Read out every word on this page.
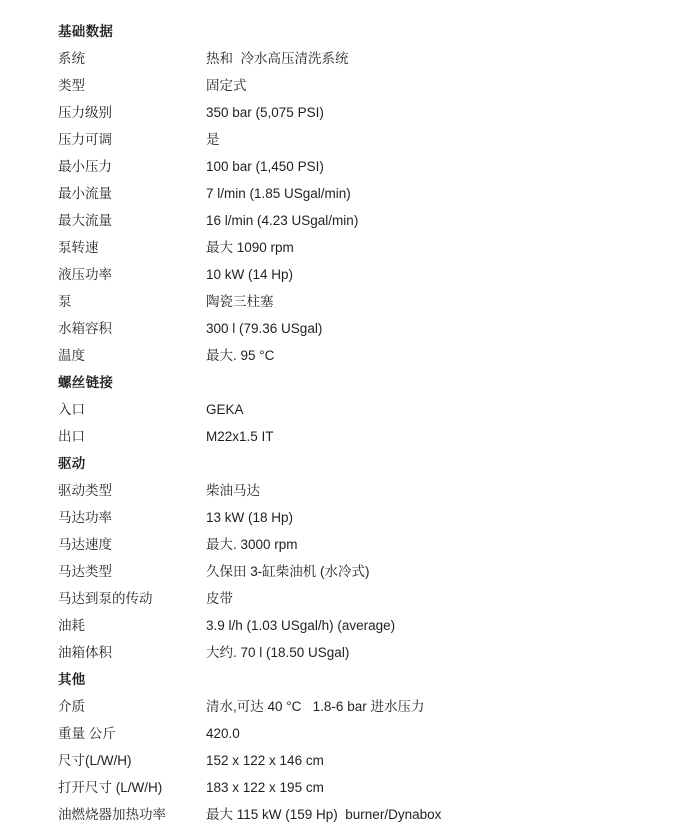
基础数据	
系统	热和  冷水高压清洗系统
类型	固定式
压力级别	350 bar (5,075 PSI)
压力可调	是
最小压力	100 bar (1,450 PSI)
最小流量	7 l/min (1.85 USgal/min)
最大流量	16 l/min (4.23 USgal/min)
泵转速	最大 1090 rpm
液压功率	10 kW (14 Hp)
泵	陶瓷三柱塞
水箱容积	300 l (79.36 USgal)
温度	最大. 95 °C
螺丝链接	
入口	GEKA
出口	M22x1.5 IT
驱动	
驱动类型	柴油马达
马达功率	13 kW (18 Hp)
马达速度	最大. 3000 rpm
马达类型	久保田 3-缸柴油机 (水冷式)
马达到泵的传动	皮带
油耗	3.9 l/h (1.03 USgal/h) (average)
油箱体积	大约. 70 l (18.50 USgal)
其他	
介质	清水,可达 40 °C   1.8-6 bar 进水压力
重量 公斤	420.0
尺寸(L/W/H)	152 x 122 x 146 cm
打开尺寸 (L/W/H)	183 x 122 x 195 cm
油燃烧器加热功率	最大 115 kW (159 Hp)  burner/Dynabox
